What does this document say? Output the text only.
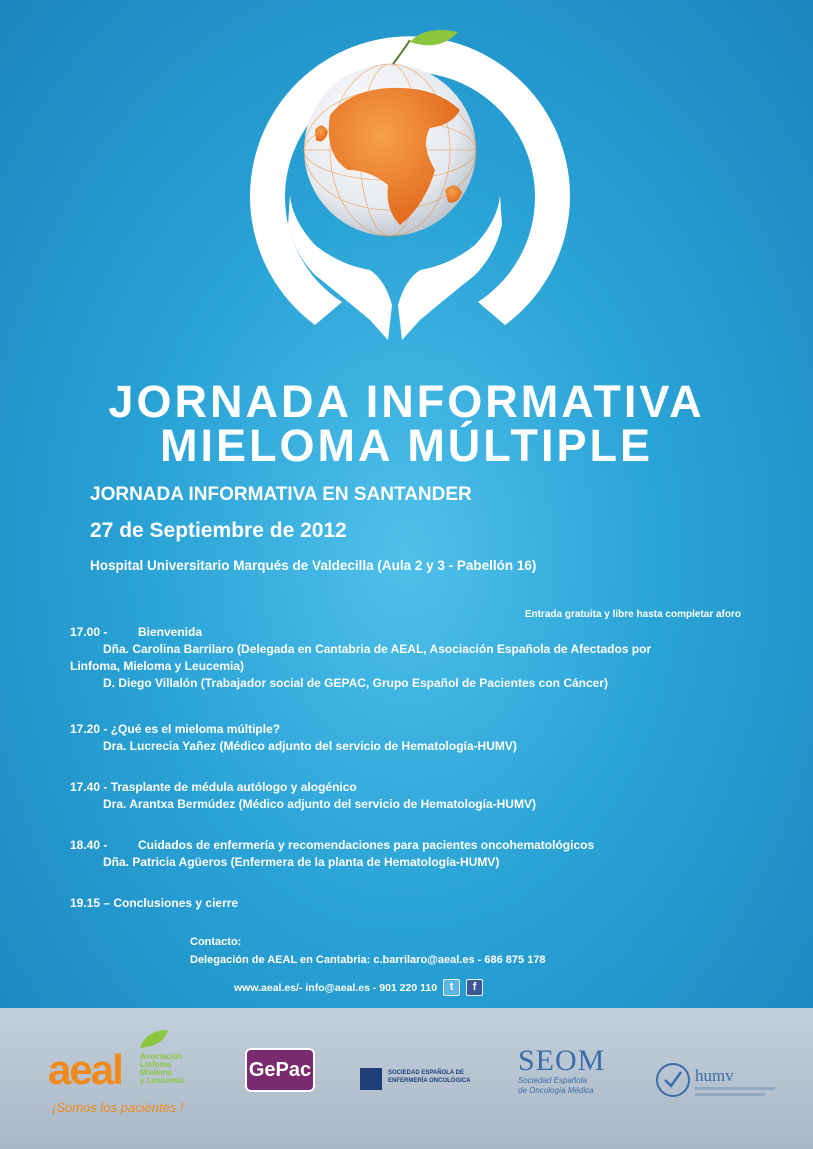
JORNADA INFORMATIVA
MIELOMA MÚLTIPLE
JORNADA INFORMATIVA EN SANTANDER
27 de Septiembre de 2012
Hospital Universitario Marqués de Valdecilla (Aula 2 y 3 - Pabellón 16)
Entrada gratuita y libre hasta completar aforo
17.00 -	Bienvenida
Dña. Carolina Barrilaro (Delegada en Cantabria de AEAL, Asociación Española de Afectados por
Linfoma, Mieloma y Leucemia)
D. Diego Villalón (Trabajador social de GEPAC, Grupo Español de Pacientes con Cáncer)
17.20 - ¿Qué es el mieloma múltiple?
Dra. Lucrecia Yañez (Médico adjunto del servicio de Hematología-HUMV)
17.40 - Trasplante de médula autólogo y alogénico
Dra. Arantxa Bermúdez (Médico adjunto del servicio de Hematología-HUMV)
18.40 -	Cuidados de enfermería y recomendaciones para pacientes oncohematológicos
Dña. Patricia Agüeros (Enfermera de la planta de Hematología-HUMV)
19.15 – Conclusiones y cierre
Contacto:
Delegación de AEAL en Cantabria: c.barrilaro@aeal.es - 686 875 178
www.aeal.es/- info@aeal.es - 901 220 110	t	f
aeal Asociación
Linfoma
Mieloma
y Leucemia
¡Somos los pacientes !
GePac	SOCIEDAD ESPAÑOLA DE
ENFERMERÍA ONCOLÓGICA
SEOM
Sociedad Española
de Oncología Médica
humv
